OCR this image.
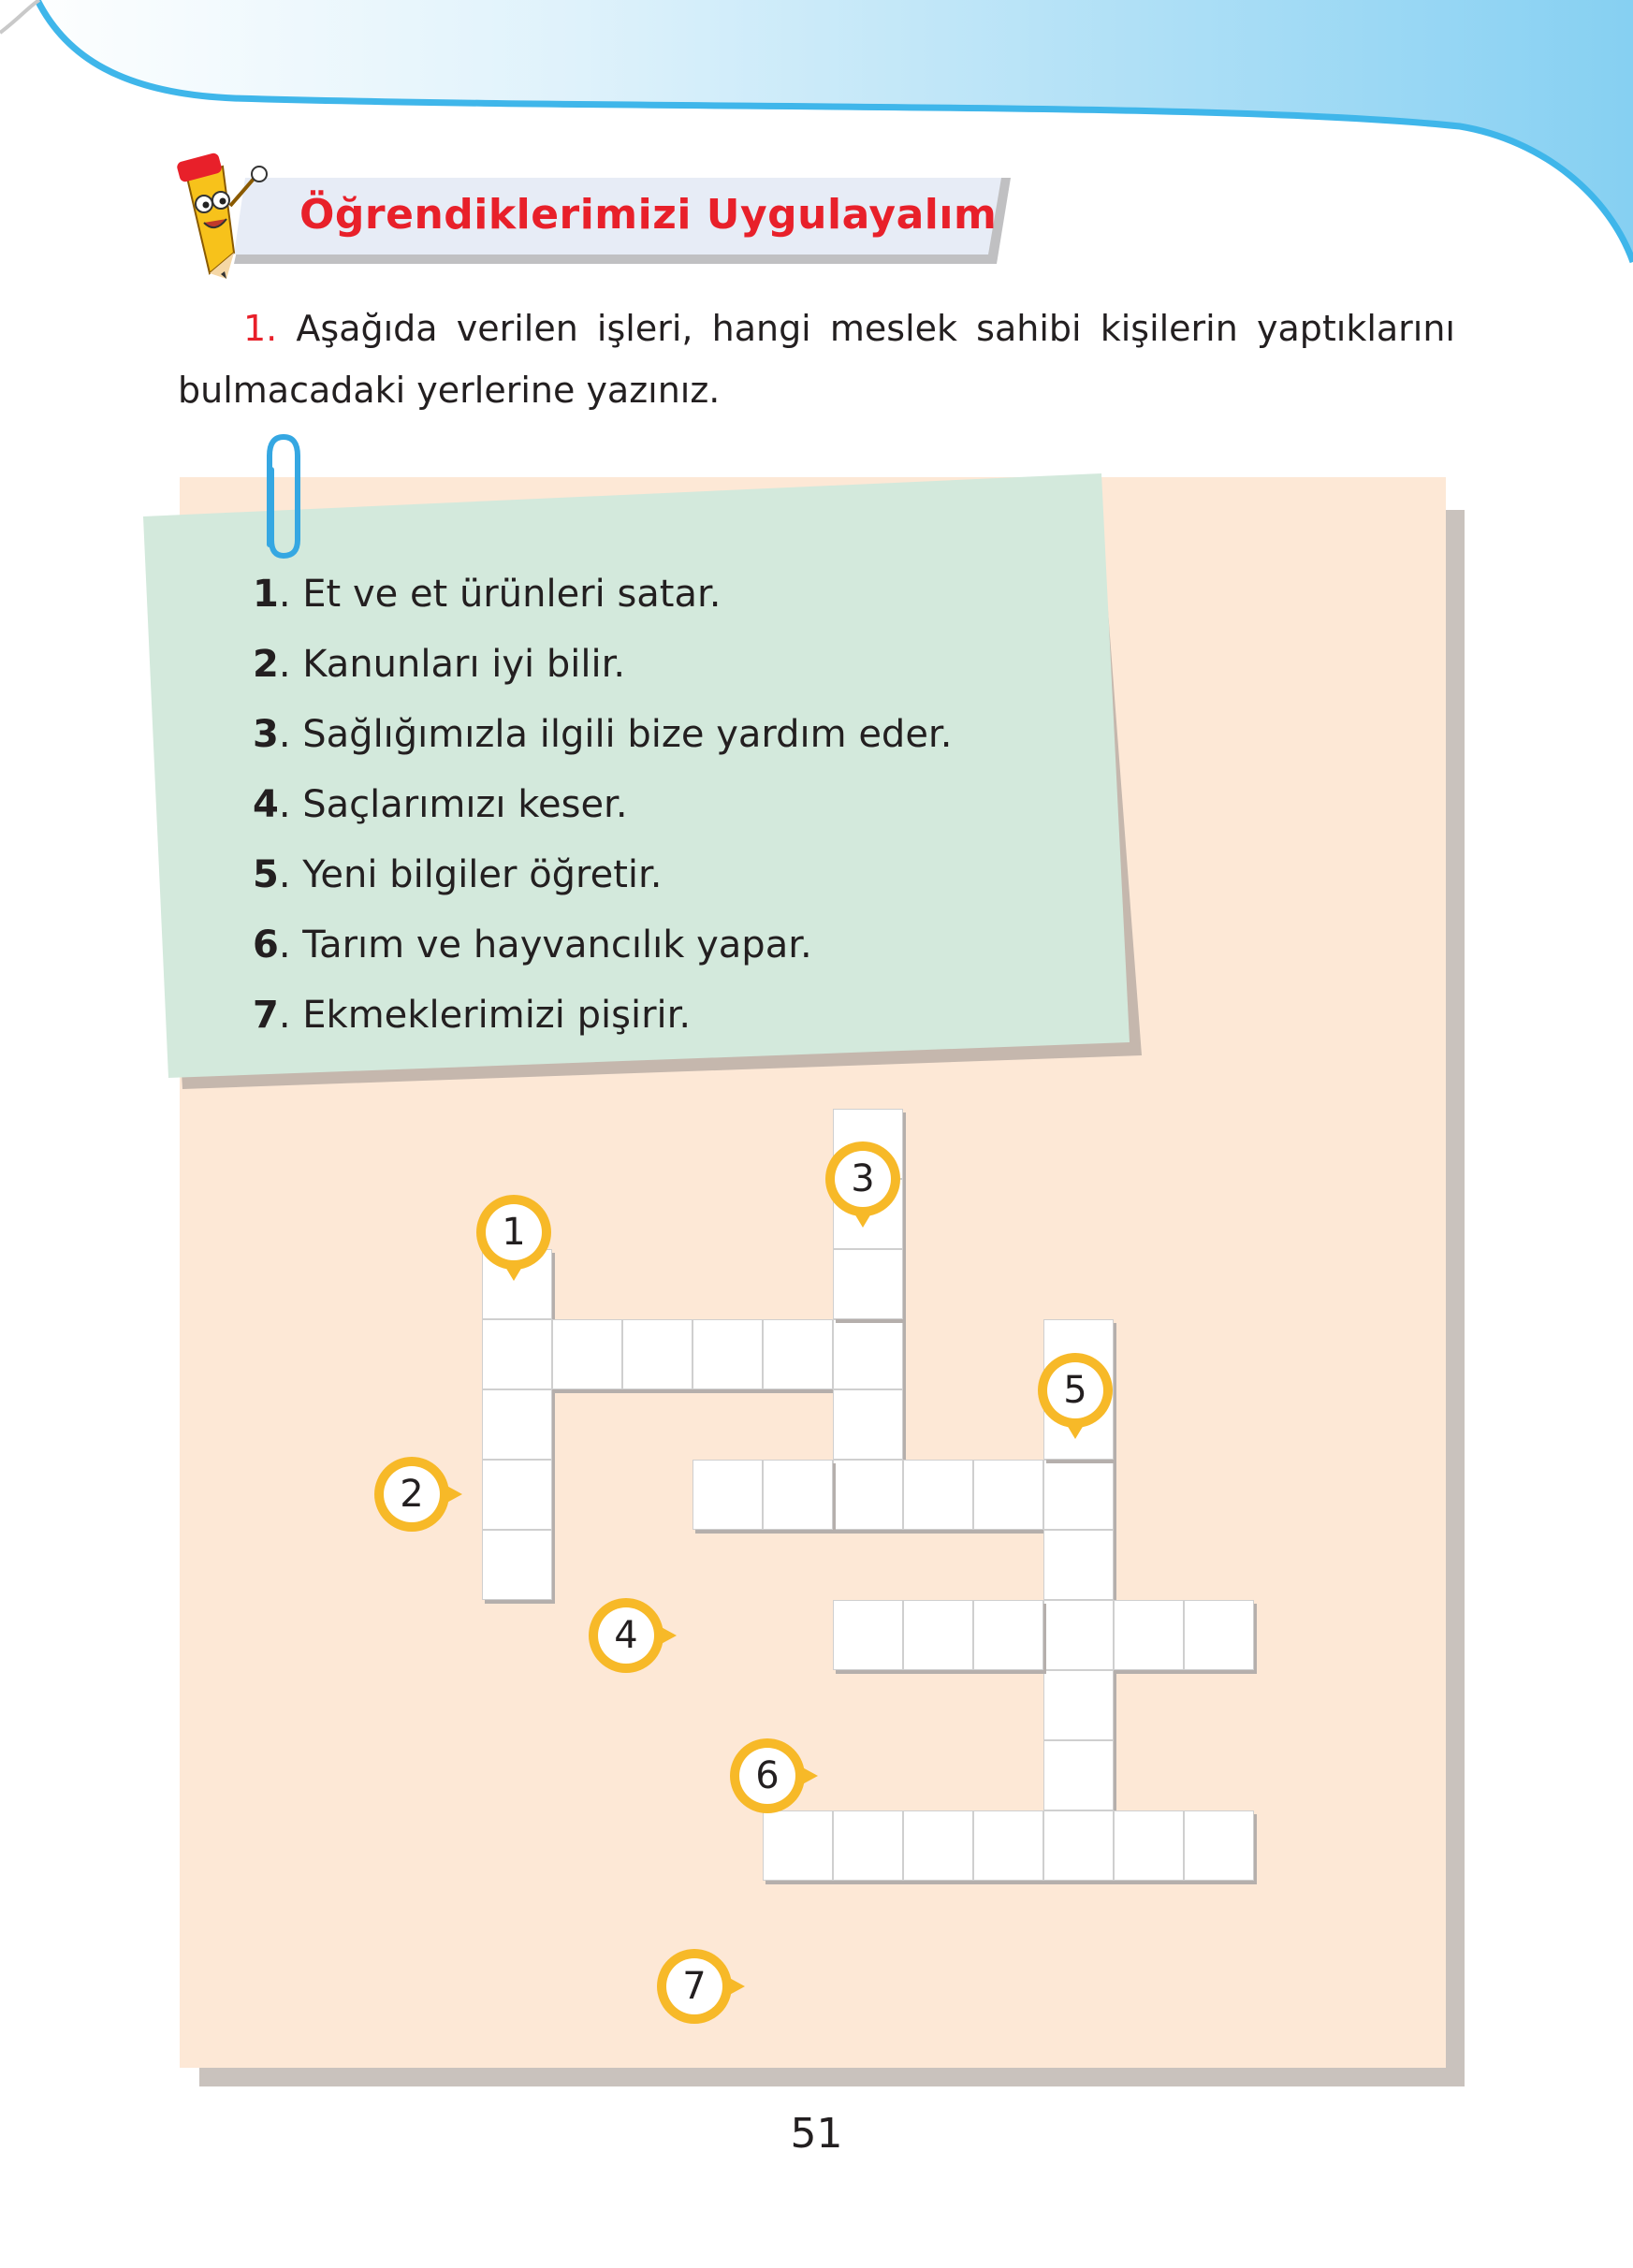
Öğrendiklerimizi Uygulayalım
1. Aşağıda verilen işleri, hangi meslek sahibi kişilerin yaptıklarını bulmacadaki yerlerine yazınız.
1. Et ve et ürünleri satar.
2. Kanunları iyi bilir.
3. Sağlığımızla ilgili bize yardım eder.
4. Saçlarımızı keser.
5. Yeni bilgiler öğretir.
6. Tarım ve hayvancılık yapar.
7. Ekmeklerimizi pişirir.
1
2
3
4
5
6
7
51
